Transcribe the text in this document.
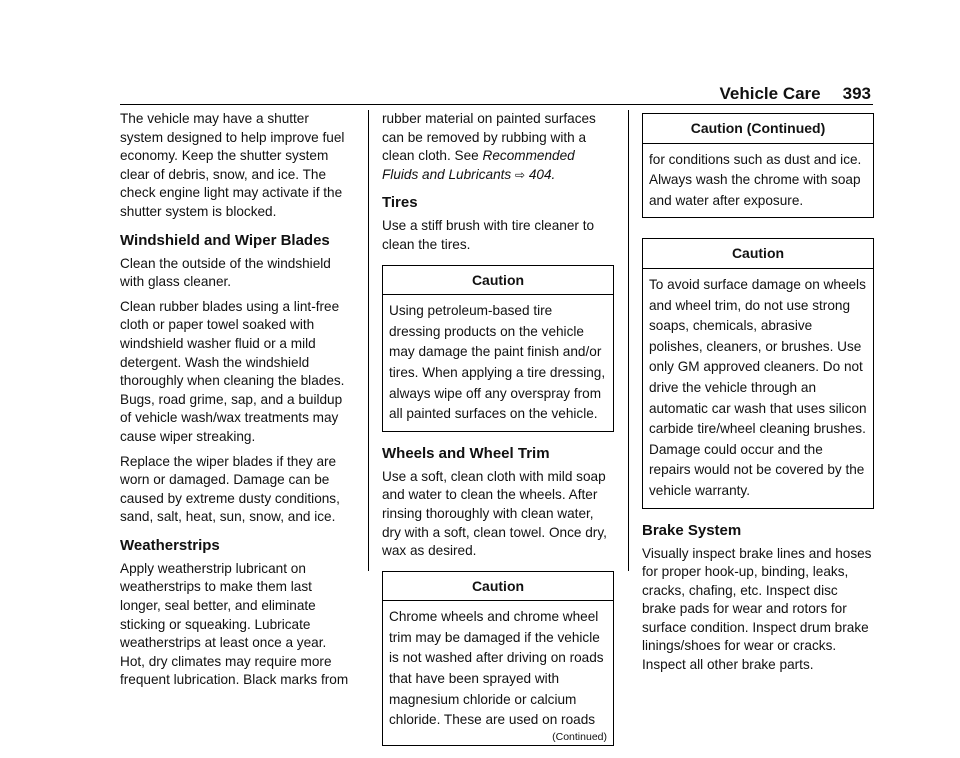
Vehicle Care 393

The vehicle may have a shutter system designed to help improve fuel economy. Keep the shutter system clear of debris, snow, and ice. The check engine light may activate if the shutter system is blocked.

Windshield and Wiper Blades

Clean the outside of the windshield with glass cleaner.

Clean rubber blades using a lint-free cloth or paper towel soaked with windshield washer fluid or a mild detergent. Wash the windshield thoroughly when cleaning the blades. Bugs, road grime, sap, and a buildup of vehicle wash/wax treatments may cause wiper streaking.

Replace the wiper blades if they are worn or damaged. Damage can be caused by extreme dusty conditions, sand, salt, heat, sun, snow, and ice.

Weatherstrips

Apply weatherstrip lubricant on weatherstrips to make them last longer, seal better, and eliminate sticking or squeaking. Lubricate weatherstrips at least once a year. Hot, dry climates may require more frequent lubrication. Black marks from

rubber material on painted surfaces can be removed by rubbing with a clean cloth. See Recommended Fluids and Lubricants ⇨ 404.

Tires

Use a stiff brush with tire cleaner to clean the tires.

Caution
Using petroleum-based tire dressing products on the vehicle may damage the paint finish and/or tires. When applying a tire dressing, always wipe off any overspray from all painted surfaces on the vehicle.
Wheels and Wheel Trim

Use a soft, clean cloth with mild soap and water to clean the wheels. After rinsing thoroughly with clean water, dry with a soft, clean towel. Once dry, wax as desired.

Caution
Chrome wheels and chrome wheel trim may be damaged if the vehicle is not washed after driving on roads that have been sprayed with magnesium chloride or calcium chloride. These are used on roads
(Continued)
Caution (Continued)
for conditions such as dust and ice. Always wash the chrome with soap and water after exposure.
Caution
To avoid surface damage on wheels and wheel trim, do not use strong soaps, chemicals, abrasive polishes, cleaners, or brushes. Use only GM approved cleaners. Do not drive the vehicle through an automatic car wash that uses silicon carbide tire/wheel cleaning brushes. Damage could occur and the repairs would not be covered by the vehicle warranty.
Brake System

Visually inspect brake lines and hoses for proper hook-up, binding, leaks, cracks, chafing, etc. Inspect disc brake pads for wear and rotors for surface condition. Inspect drum brake linings/shoes for wear or cracks. Inspect all other brake parts.
